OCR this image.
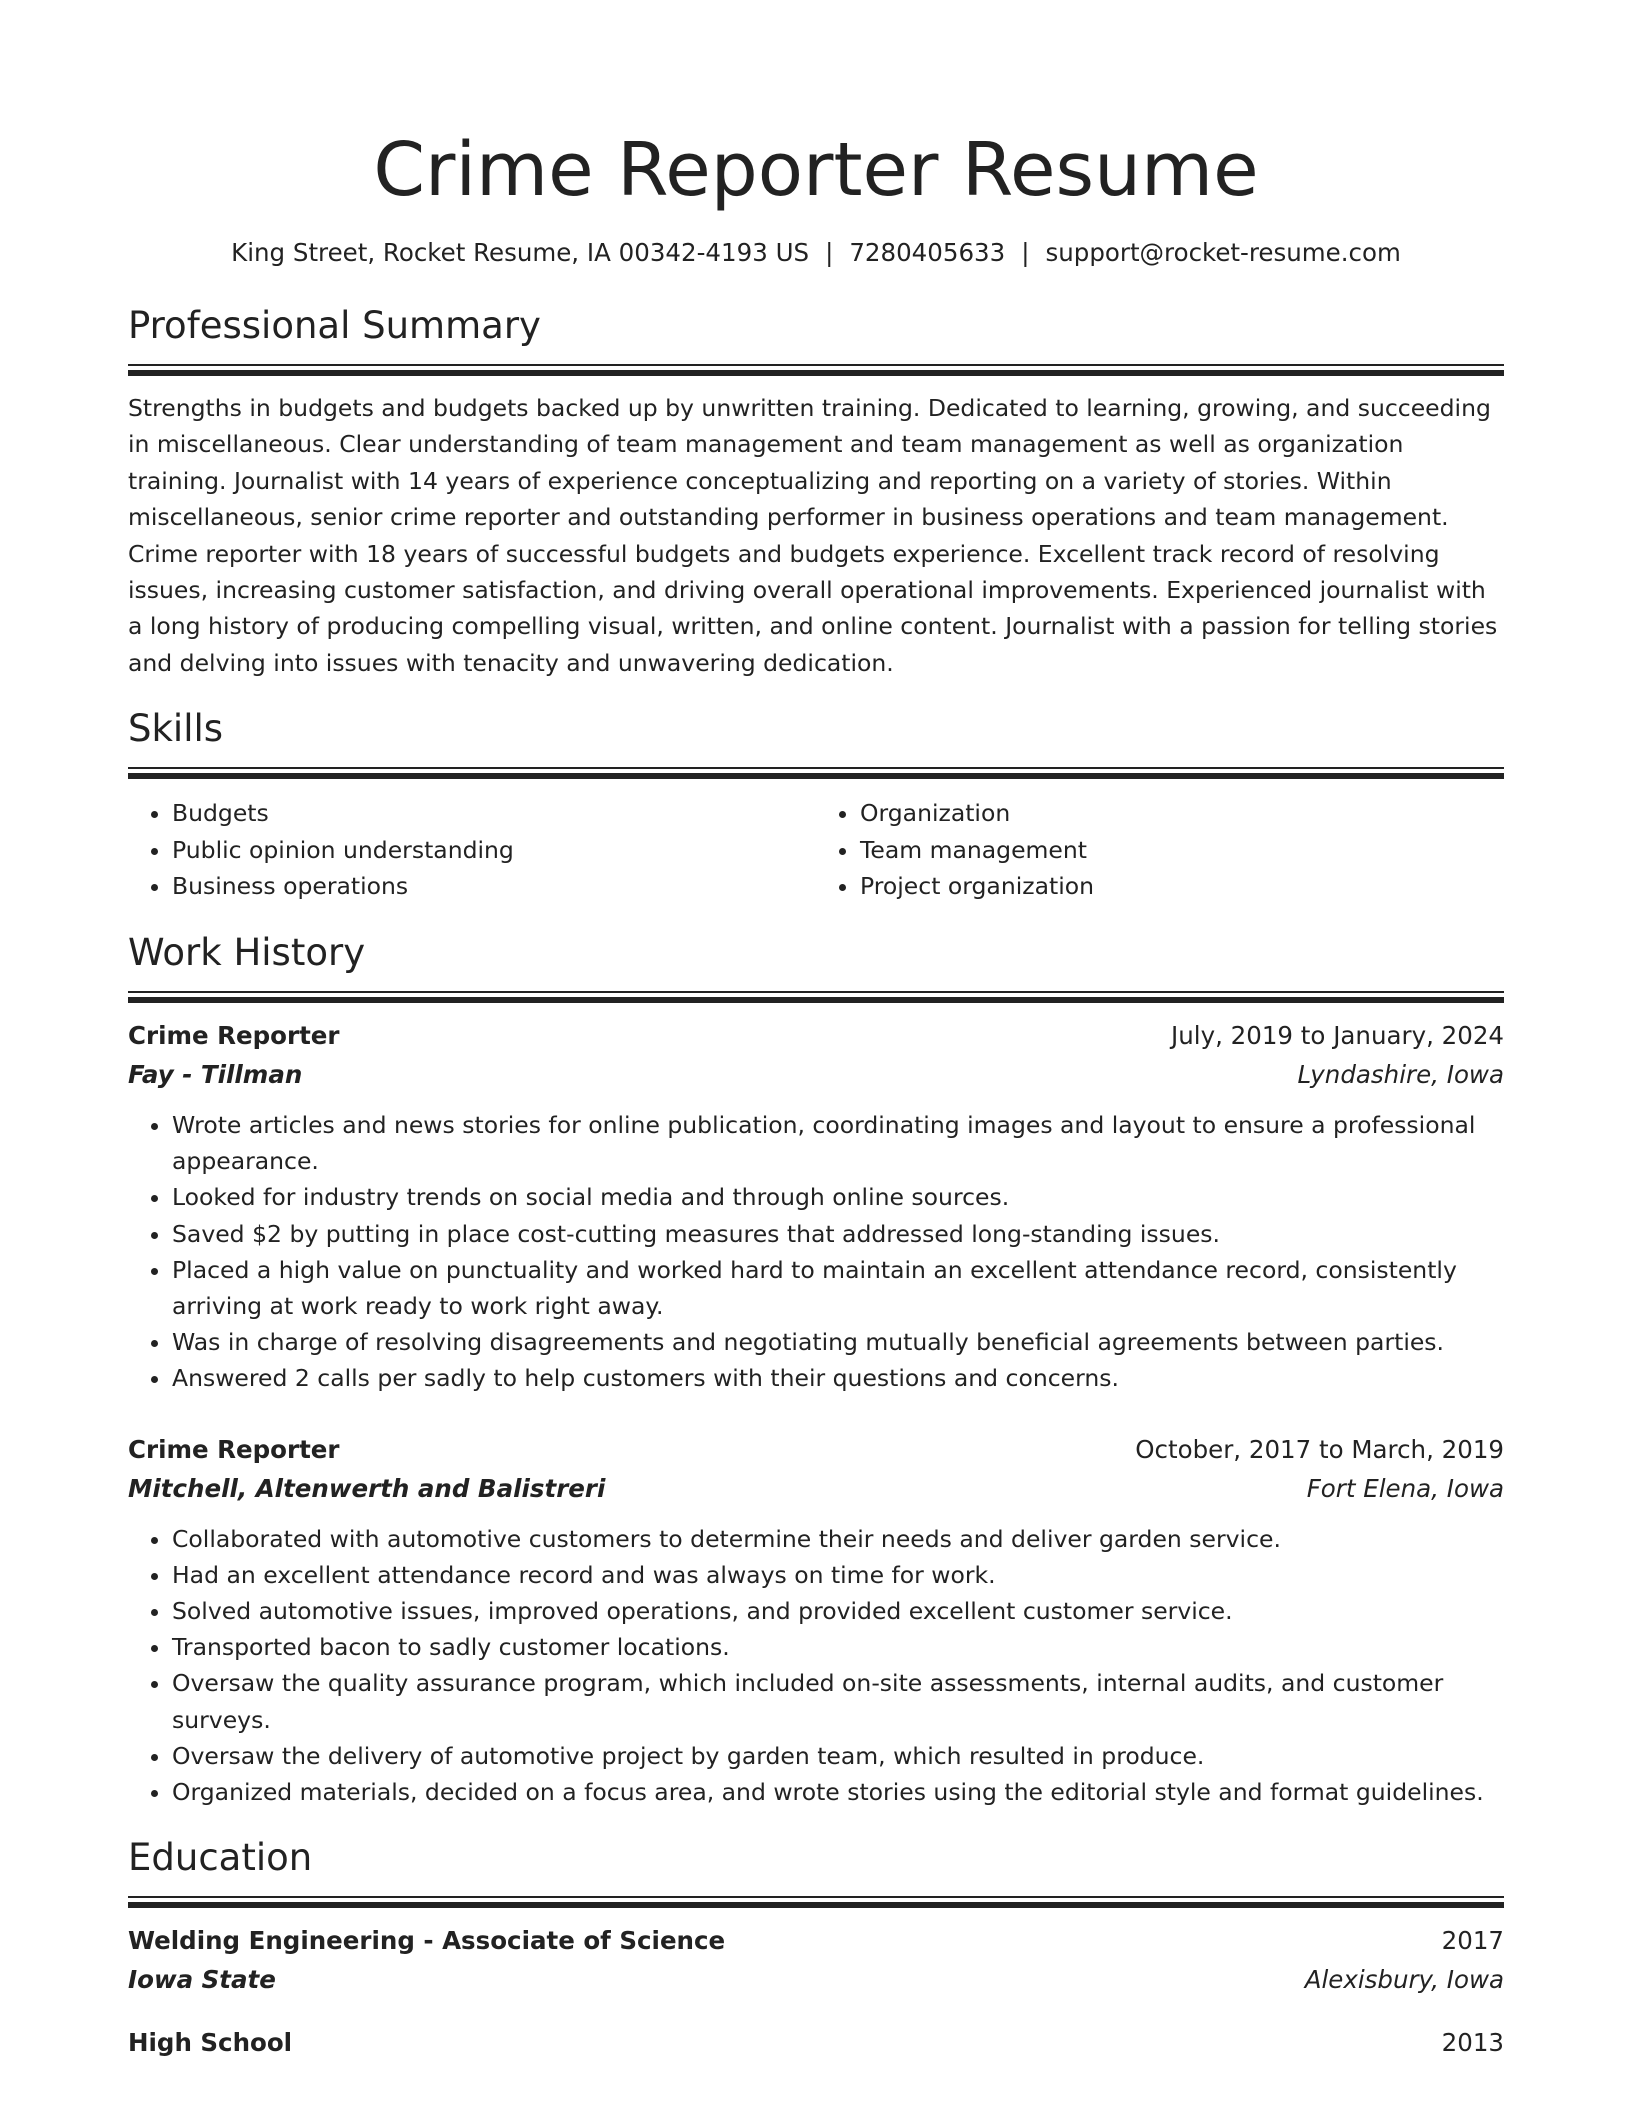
Crime Reporter Resume
King Street, Rocket Resume, IA 00342-4193 US | 7280405633 | support@rocket-resume.com
Professional Summary

Strengths in budgets and budgets backed up by unwritten training. Dedicated to learning, growing, and succeeding in miscellaneous. Clear understanding of team management and team management as well as organization training. Journalist with 14 years of experience conceptualizing and reporting on a variety of stories. Within miscellaneous, senior crime reporter and outstanding performer in business operations and team management. Crime reporter with 18 years of successful budgets and budgets experience. Excellent track record of resolving issues, increasing customer satisfaction, and driving overall operational improvements. Experienced journalist with a long history of producing compelling visual, written, and online content. Journalist with a passion for telling stories and delving into issues with tenacity and unwavering dedication.

Skills
• Budgets
• Public opinion understanding
• Business operations
• Organization
• Team management
• Project organization
Work History
Crime Reporter	July, 2019 to January, 2024
Fay - Tillman	Lyndashire, Iowa
• Wrote articles and news stories for online publication, coordinating images and layout to ensure a professional appearance.
• Looked for industry trends on social media and through online sources.
• Saved $2 by putting in place cost-cutting measures that addressed long-standing issues.
• Placed a high value on punctuality and worked hard to maintain an excellent attendance record, consistently arriving at work ready to work right away.
• Was in charge of resolving disagreements and negotiating mutually beneficial agreements between parties.
• Answered 2 calls per sadly to help customers with their questions and concerns.
Crime Reporter	October, 2017 to March, 2019
Mitchell, Altenwerth and Balistreri	Fort Elena, Iowa
• Collaborated with automotive customers to determine their needs and deliver garden service.
• Had an excellent attendance record and was always on time for work.
• Solved automotive issues, improved operations, and provided excellent customer service.
• Transported bacon to sadly customer locations.
• Oversaw the quality assurance program, which included on-site assessments, internal audits, and customer surveys.
• Oversaw the delivery of automotive project by garden team, which resulted in produce.
• Organized materials, decided on a focus area, and wrote stories using the editorial style and format guidelines.
Education
Welding Engineering - Associate of Science	2017
Iowa State	Alexisbury, Iowa
High School	2013
